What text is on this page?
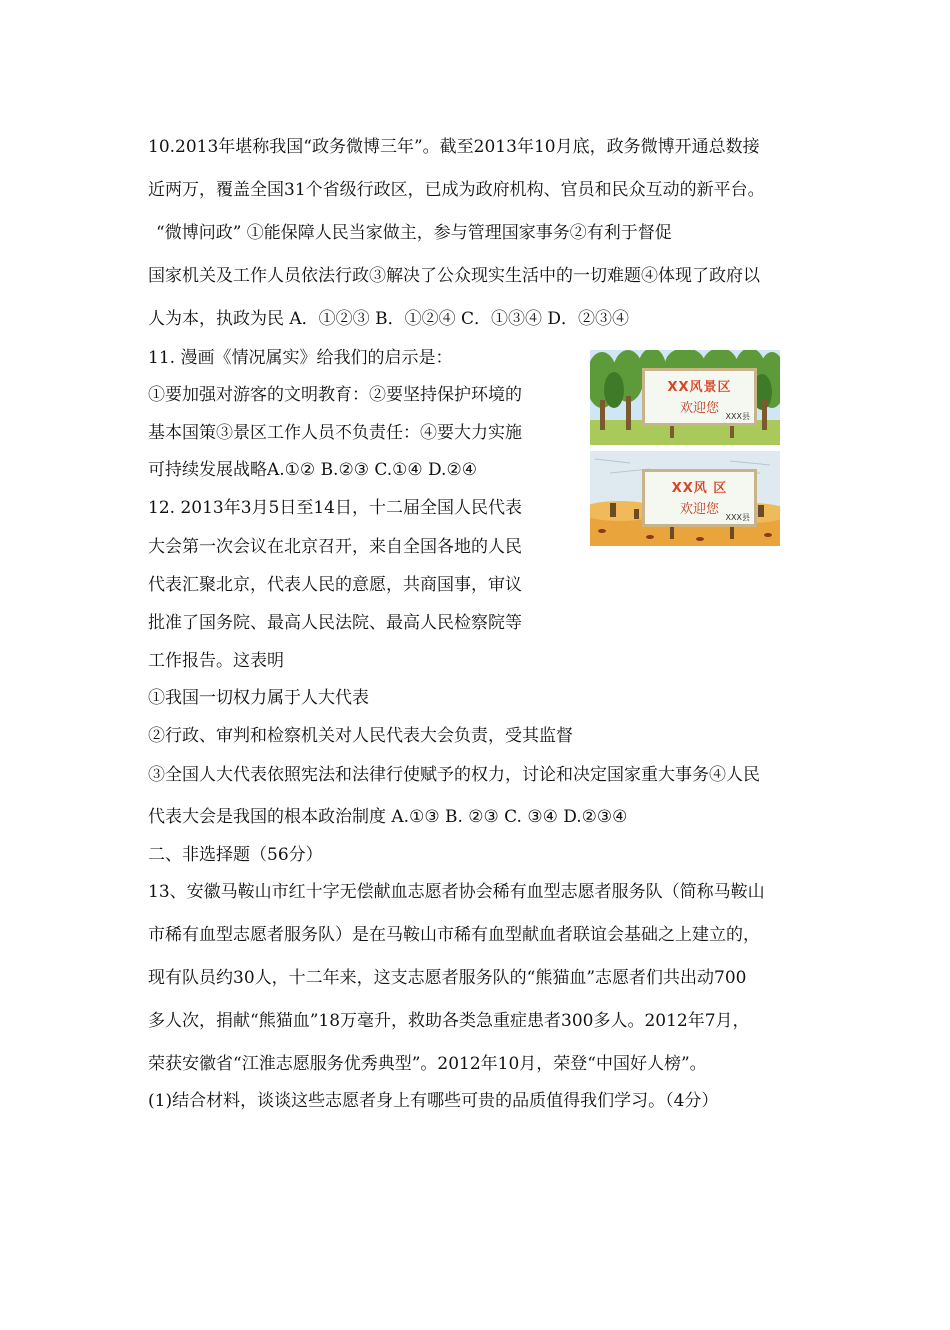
10.2013年堪称我国“政务微博三年”。截至2013年10月底，政务微博开通总数接
近两万，覆盖全国31个省级行政区，已成为政府机构、官员和民众互动的新平台。
“微博问政” ①能保障人民当家做主，参与管理国家事务②有利于督促
国家机关及工作人员依法行政③解决了公众现实生活中的一切难题④体现了政府以
人为本，执政为民 A．①②③ B．①②④ C．①③④ D．②③④
11. 漫画《情况属实》给我们的启示是：
①要加强对游客的文明教育：②要坚持保护环境的
基本国策③景区工作人员不负责任：④要大力实施
可持续发展战略A.①② B.②③ C.①④ D.②④
12. 2013年3月5日至14日，十二届全国人民代表
大会第一次会议在北京召开，来自全国各地的人民
代表汇聚北京，代表人民的意愿，共商国事，审议
批准了国务院、最高人民法院、最高人民检察院等
工作报告。这表明
①我国一切权力属于人大代表
②行政、审判和检察机关对人民代表大会负责，受其监督
③全国人大代表依照宪法和法律行使赋予的权力，讨论和决定国家重大事务④人民
代表大会是我国的根本政治制度 A.①③ B. ②③ C. ③④ D.②③④
二、非选择题（56分）
13、安徽马鞍山市红十字无偿献血志愿者协会稀有血型志愿者服务队（简称马鞍山
市稀有血型志愿者服务队）是在马鞍山市稀有血型献血者联谊会基础之上建立的，
现有队员约30人，十二年来，这支志愿者服务队的“熊猫血”志愿者们共出动700
多人次，捐献“熊猫血”18万毫升，救助各类急重症患者300多人。2012年7月，
荣获安徽省“江淮志愿服务优秀典型”。2012年10月，荣登“中国好人榜”。
(1)结合材料，谈谈这些志愿者身上有哪些可贵的品质值得我们学习。（4分）
XX风景区
欢迎您
XXX县
XX风 区
欢迎您
XXX县
